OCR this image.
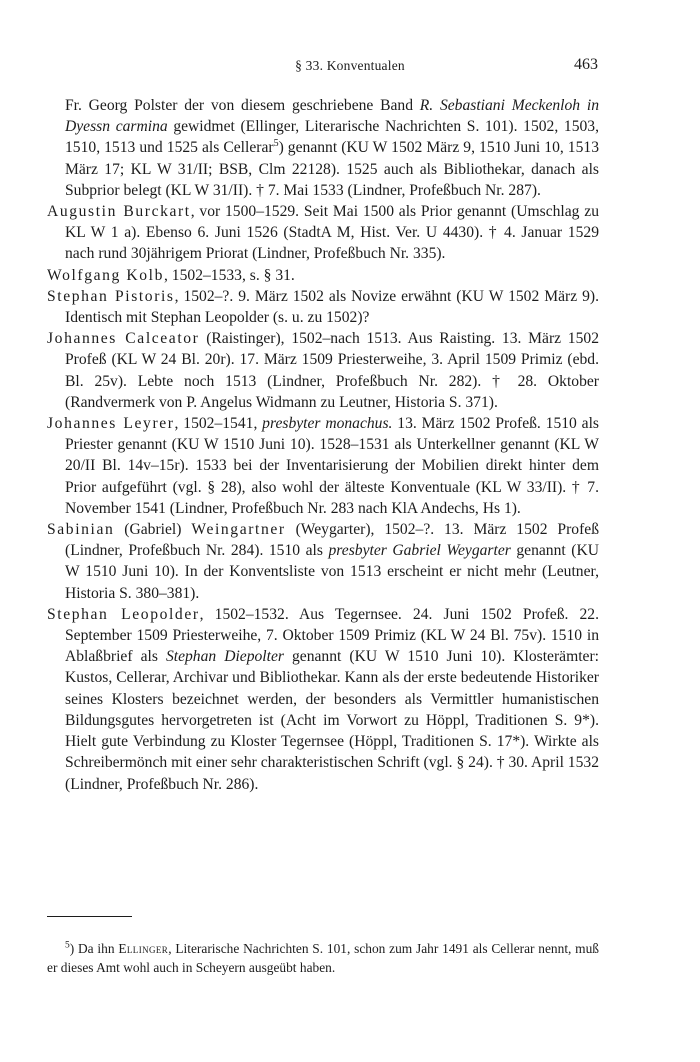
§ 33. Konventualen	463

Fr. Georg Polster der von diesem geschriebene Band R. Sebastiani Meckenloh in Dyessn carmina gewidmet (Ellinger, Literarische Nachrichten S. 101). 1502, 1503, 1510, 1513 und 1525 als Cellerar$^5$) genannt (KU W 1502 März 9, 1510 Juni 10, 1513 März 17; KL W 31/II; BSB, Clm 22128). 1525 auch als Bibliothekar, danach als Subprior belegt (KL W 31/II). † 7. Mai 1533 (Lindner, Profeßbuch Nr. 287).

Augustin Burckart, vor 1500–1529. Seit Mai 1500 als Prior genannt (Umschlag zu KL W 1 a). Ebenso 6. Juni 1526 (StadtA M, Hist. Ver. U 4430). † 4. Januar 1529 nach rund 30jährigem Priorat (Lindner, Profeßbuch Nr. 335).

Wolfgang Kolb, 1502–1533, s. § 31.

Stephan Pistoris, 1502–?. 9. März 1502 als Novize erwähnt (KU W 1502 März 9). Identisch mit Stephan Leopolder (s. u. zu 1502)?

Johannes Calceator (Raistinger), 1502–nach 1513. Aus Raisting. 13. März 1502 Profeß (KL W 24 Bl. 20r). 17. März 1509 Priesterweihe, 3. April 1509 Primiz (ebd. Bl. 25v). Lebte noch 1513 (Lindner, Profeßbuch Nr. 282). † 28. Oktober (Randvermerk von P. Angelus Widmann zu Leutner, Historia S. 371).

Johannes Leyrer, 1502–1541, presbyter monachus. 13. März 1502 Profeß. 1510 als Priester genannt (KU W 1510 Juni 10). 1528–1531 als Unterkellner genannt (KL W 20/II Bl. 14v–15r). 1533 bei der Inventarisierung der Mobilien direkt hinter dem Prior aufgeführt (vgl. § 28), also wohl der älteste Konventuale (KL W 33/II). † 7. November 1541 (Lindner, Profeßbuch Nr. 283 nach KlA Andechs, Hs 1).

Sabinian (Gabriel) Weingartner (Weygarter), 1502–?. 13. März 1502 Profeß (Lindner, Profeßbuch Nr. 284). 1510 als presbyter Gabriel Weygarter genannt (KU W 1510 Juni 10). In der Konventsliste von 1513 erscheint er nicht mehr (Leutner, Historia S. 380–381).

Stephan Leopolder, 1502–1532. Aus Tegernsee. 24. Juni 1502 Profeß. 22. September 1509 Priesterweihe, 7. Oktober 1509 Primiz (KL W 24 Bl. 75v). 1510 in Ablaßbrief als Stephan Diepolter genannt (KU W 1510 Juni 10). Klosterämter: Kustos, Cellerar, Archivar und Bibliothekar. Kann als der erste bedeutende Historiker seines Klosters bezeichnet werden, der besonders als Vermittler humanistischen Bildungsgutes hervorgetreten ist (Acht im Vorwort zu Höppl, Traditionen S. 9*). Hielt gute Verbindung zu Kloster Tegernsee (Höppl, Traditionen S. 17*). Wirkte als Schreibermönch mit einer sehr charakteristischen Schrift (vgl. § 24). † 30. April 1532 (Lindner, Profeßbuch Nr. 286).

$^5$) Da ihn Ellinger, Literarische Nachrichten S. 101, schon zum Jahr 1491 als Cellerar nennt, muß er dieses Amt wohl auch in Scheyern ausgeübt haben.
